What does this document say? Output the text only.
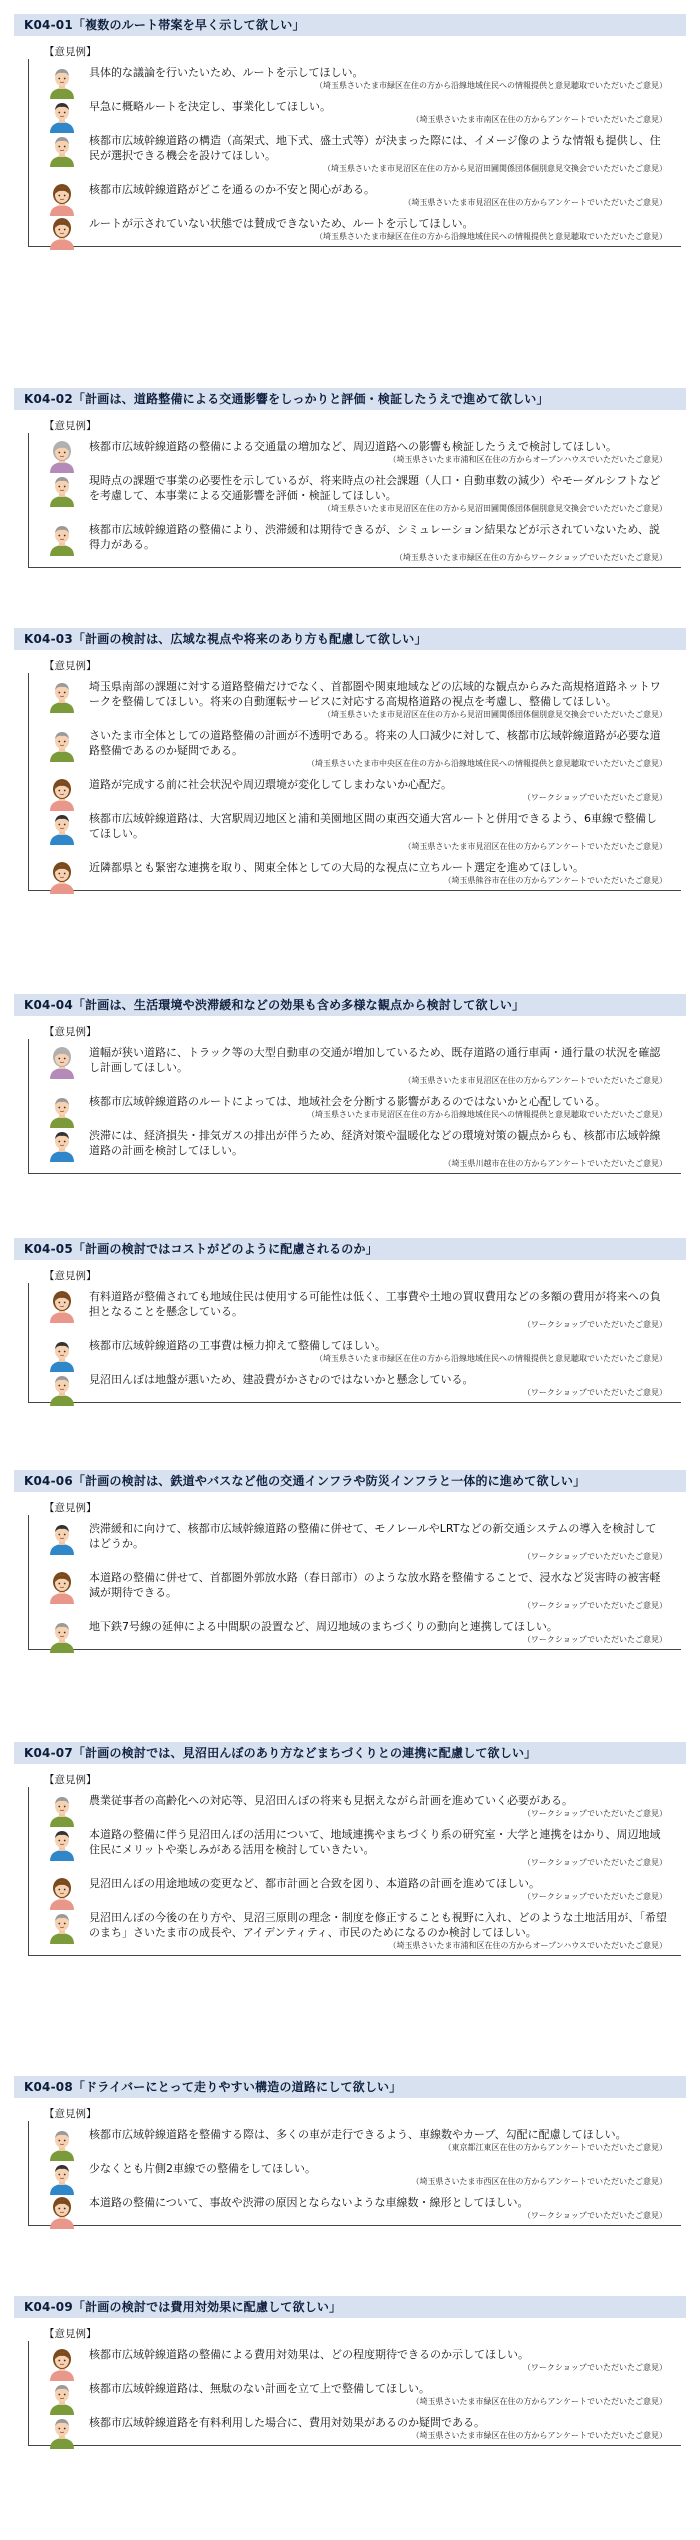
K04-01「複数のルート帯案を早く示して欲しい」
【意見例】
具体的な議論を行いたいため、ルートを示してほしい。
（埼玉県さいたま市緑区在住の方から沿線地域住民への情報提供と意見聴取でいただいたご意見）
早急に概略ルートを決定し、事業化してほしい。
（埼玉県さいたま市南区在住の方からアンケートでいただいたご意見）
核都市広域幹線道路の構造（高架式、地下式、盛土式等）が決まった際には、イメージ像のような情報も提供し、住民が選択できる機会を設けてほしい。
（埼玉県さいたま市見沼区在住の方から見沼田圃関係団体個別意見交換会でいただいたご意見）
核都市広域幹線道路がどこを通るのか不安と関心がある。
（埼玉県さいたま市見沼区在住の方からアンケートでいただいたご意見）
ルートが示されていない状態では賛成できないため、ルートを示してほしい。
（埼玉県さいたま市緑区在住の方から沿線地域住民への情報提供と意見聴取でいただいたご意見）
K04-02「計画は、道路整備による交通影響をしっかりと評価・検証したうえで進めて欲しい」
【意見例】
核都市広域幹線道路の整備による交通量の増加など、周辺道路への影響も検証したうえで検討してほしい。
（埼玉県さいたま市浦和区在住の方からオープンハウスでいただいたご意見）
現時点の課題で事業の必要性を示しているが、将来時点の社会課題（人口・自動車数の減少）やモーダルシフトなどを考慮して、本事業による交通影響を評価・検証してほしい。
（埼玉県さいたま市見沼区在住の方から見沼田圃関係団体個別意見交換会でいただいたご意見）
核都市広域幹線道路の整備により、渋滞緩和は期待できるが、シミュレーション結果などが示されていないため、説得力がある。
（埼玉県さいたま市緑区在住の方からワークショップでいただいたご意見）
K04-03「計画の検討は、広域な視点や将来のあり方も配慮して欲しい」
【意見例】
埼玉県南部の課題に対する道路整備だけでなく、首都圏や関東地域などの広域的な観点からみた高規格道路ネットワークを整備してほしい。将来の自動運転サービスに対応する高規格道路の視点を考慮し、整備してほしい。
（埼玉県さいたま市見沼区在住の方から見沼田圃関係団体個別意見交換会でいただいたご意見）
さいたま市全体としての道路整備の計画が不透明である。将来の人口減少に対して、核都市広域幹線道路が必要な道路整備であるのか疑問である。
（埼玉県さいたま市中央区在住の方から沿線地域住民への情報提供と意見聴取でいただいたご意見）
道路が完成する前に社会状況や周辺環境が変化してしまわないか心配だ。
（ワークショップでいただいたご意見）
核都市広域幹線道路は、大宮駅周辺地区と浦和美園地区間の東西交通大宮ルートと併用できるよう、6車線で整備してほしい。
（埼玉県さいたま市見沼区在住の方からアンケートでいただいたご意見）
近隣都県とも緊密な連携を取り、関東全体としての大局的な視点に立ちルート選定を進めてほしい。
（埼玉県熊谷市在住の方からアンケートでいただいたご意見）
K04-04「計画は、生活環境や渋滞緩和などの効果も含め多様な観点から検討して欲しい」
【意見例】
道幅が狭い道路に、トラック等の大型自動車の交通が増加しているため、既存道路の通行車両・通行量の状況を確認し計画してほしい。
（埼玉県さいたま市見沼区在住の方からアンケートでいただいたご意見）
核都市広域幹線道路のルートによっては、地域社会を分断する影響があるのではないかと心配している。
（埼玉県さいたま市見沼区在住の方から沿線地域住民への情報提供と意見聴取でいただいたご意見）
渋滞には、経済損失・排気ガスの排出が伴うため、経済対策や温暖化などの環境対策の観点からも、核都市広域幹線道路の計画を検討してほしい。
（埼玉県川越市在住の方からアンケートでいただいたご意見）
K04-05「計画の検討ではコストがどのように配慮されるのか」
【意見例】
有料道路が整備されても地域住民は使用する可能性は低く、工事費や土地の買収費用などの多額の費用が将来への負担となることを懸念している。
（ワークショップでいただいたご意見）
核都市広域幹線道路の工事費は極力抑えて整備してほしい。
（埼玉県さいたま市緑区在住の方から沿線地域住民への情報提供と意見聴取でいただいたご意見）
見沼田んぼは地盤が悪いため、建設費がかさむのではないかと懸念している。
（ワークショップでいただいたご意見）
K04-06「計画の検討は、鉄道やバスなど他の交通インフラや防災インフラと一体的に進めて欲しい」
【意見例】
渋滞緩和に向けて、核都市広域幹線道路の整備に併せて、モノレールやLRTなどの新交通システムの導入を検討してはどうか。
（ワークショップでいただいたご意見）
本道路の整備に併せて、首都圏外郭放水路（春日部市）のような放水路を整備することで、浸水など災害時の被害軽減が期待できる。
（ワークショップでいただいたご意見）
地下鉄7号線の延伸による中間駅の設置など、周辺地域のまちづくりの動向と連携してほしい。
（ワークショップでいただいたご意見）
K04-07「計画の検討では、見沼田んぼのあり方などまちづくりとの連携に配慮して欲しい」
【意見例】
農業従事者の高齢化への対応等、見沼田んぼの将来も見据えながら計画を進めていく必要がある。
（ワークショップでいただいたご意見）
本道路の整備に伴う見沼田んぼの活用について、地域連携やまちづくり系の研究室・大学と連携をはかり、周辺地域住民にメリットや楽しみがある活用を検討していきたい。
（ワークショップでいただいたご意見）
見沼田んぼの用途地域の変更など、都市計画と合致を図り、本道路の計画を進めてほしい。
（ワークショップでいただいたご意見）
見沼田んぼの今後の在り方や、見沼三原則の理念・制度を修正することも視野に入れ、どのような土地活用が、「希望のまち」さいたま市の成長や、アイデンティティ、市民のためになるのか検討してほしい。
（埼玉県さいたま市浦和区在住の方からオープンハウスでいただいたご意見）
K04-08「ドライバーにとって走りやすい構造の道路にして欲しい」
【意見例】
核都市広域幹線道路を整備する際は、多くの車が走行できるよう、車線数やカーブ、勾配に配慮してほしい。
（東京都江東区在住の方からアンケートでいただいたご意見）
少なくとも片側2車線での整備をしてほしい。
（埼玉県さいたま市西区在住の方からアンケートでいただいたご意見）
本道路の整備について、事故や渋滞の原因とならないような車線数・線形としてほしい。
（ワークショップでいただいたご意見）
K04-09「計画の検討では費用対効果に配慮して欲しい」
【意見例】
核都市広域幹線道路の整備による費用対効果は、どの程度期待できるのか示してほしい。
（ワークショップでいただいたご意見）
核都市広域幹線道路は、無駄のない計画を立て上で整備してほしい。
（埼玉県さいたま市緑区在住の方からアンケートでいただいたご意見）
核都市広域幹線道路を有料利用した場合に、費用対効果があるのか疑問である。
（埼玉県さいたま市緑区在住の方からアンケートでいただいたご意見）
